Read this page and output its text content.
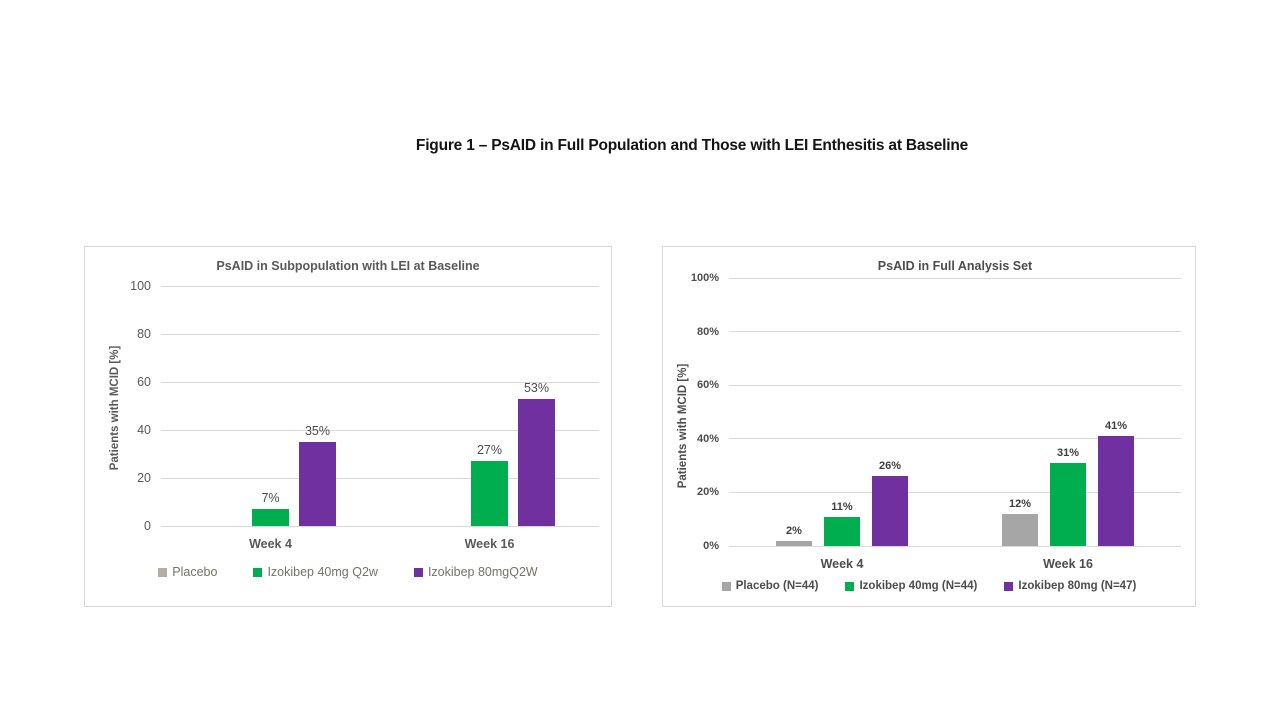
Figure 1 – PsAID in Full Population and Those with LEI Enthesitis at Baseline
PsAID in Subpopulation with LEI at Baseline
Patients with MCID [%]
7%
35%
27%
53%
Placebo	Izokibep 40mg Q2w	Izokibep 80mgQ2W
0
20
40
60
80
100
Week 4	Week 16
PsAID in Full Analysis Set
Patients with MCID [%]
2%
11%
26%
12%
31%
41%
Placebo (N=44)	Izokibep 40mg (N=44)	Izokibep 80mg (N=47)
0%
20%
40%
60%
80%
100%
Week 4	Week 16
